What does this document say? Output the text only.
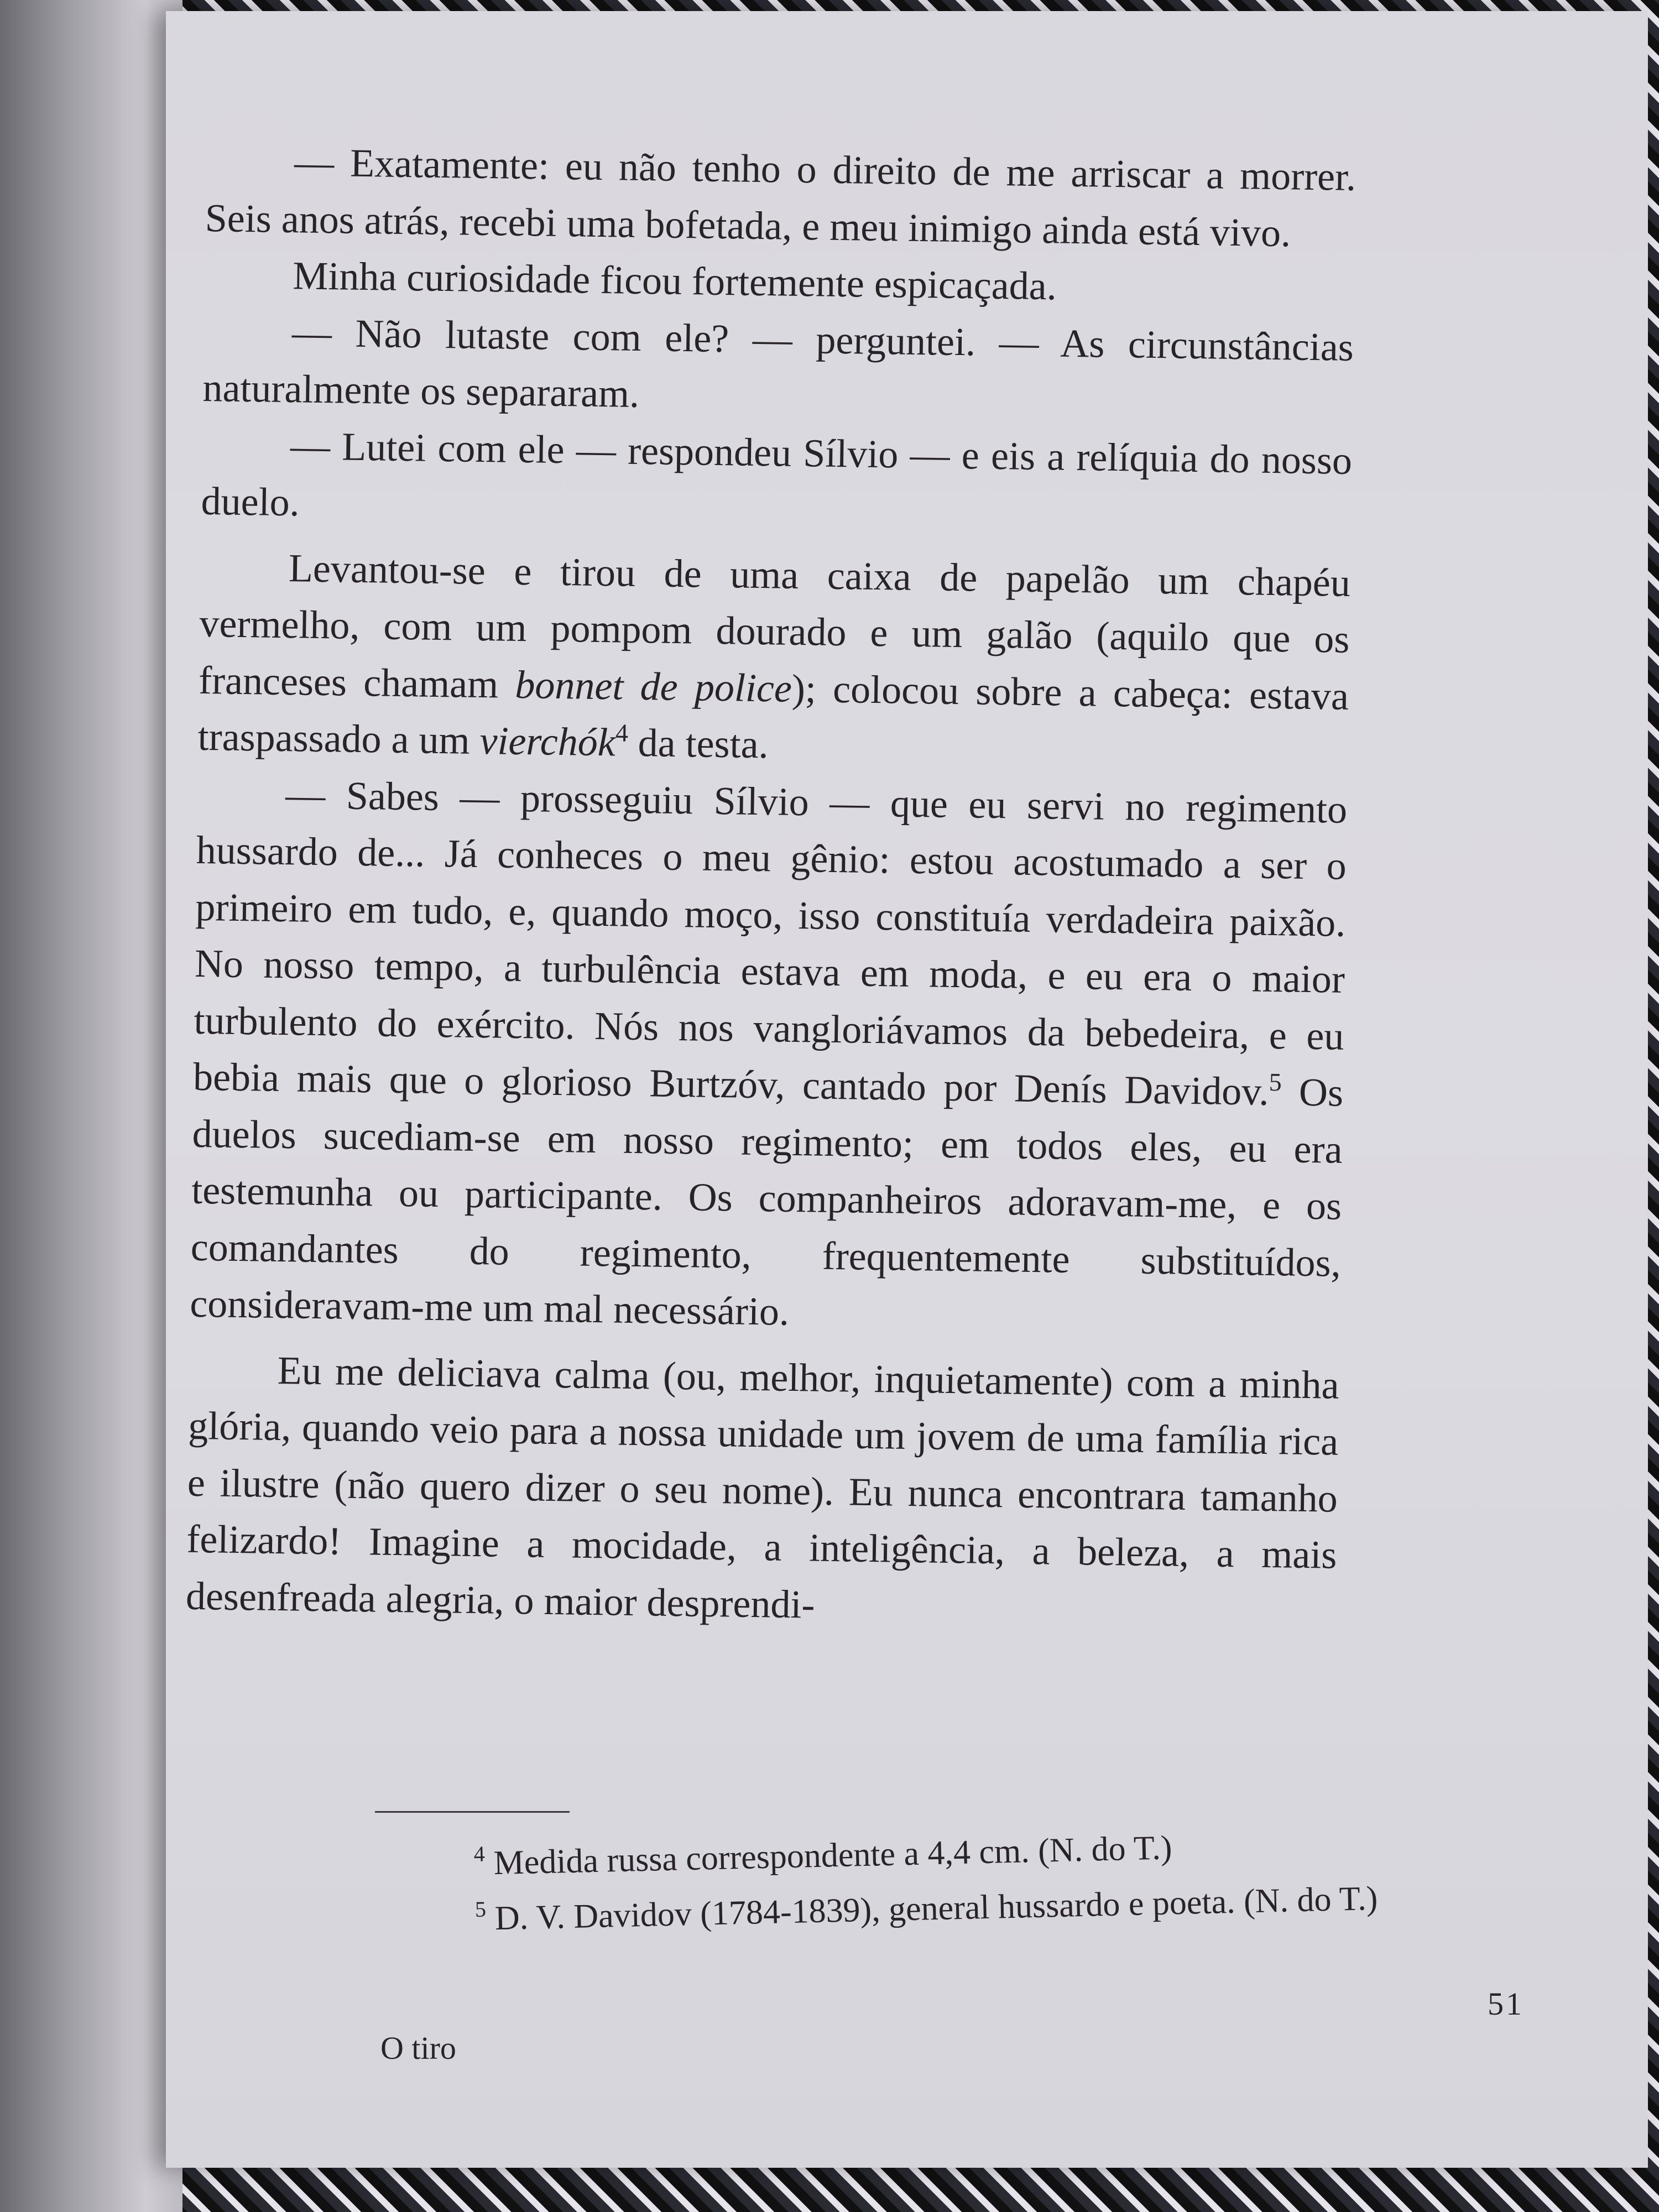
— Exatamente: eu não tenho o direito de me arriscar a morrer. Seis anos atrás, recebi uma bofetada, e meu inimigo ainda está vivo.

Minha curiosidade ficou fortemente espicaçada.

— Não lutaste com ele? — perguntei. — As circunstâncias naturalmente os separaram.

— Lutei com ele — respondeu Sílvio — e eis a relíquia do nosso duelo.

Levantou-se e tirou de uma caixa de papelão um chapéu vermelho, com um pompom dourado e um galão (aquilo que os franceses chamam bonnet de police); colocou sobre a cabeça: estava traspassado a um vierchók$^4$ da testa.

— Sabes — prosseguiu Sílvio — que eu servi no regimento hussardo de... Já conheces o meu gênio: estou acostumado a ser o primeiro em tudo, e, quando moço, isso constituía verdadeira paixão. No nosso tempo, a turbulência estava em moda, e eu era o maior turbulento do exército. Nós nos vangloriávamos da bebedeira, e eu bebia mais que o glorioso Burtzóv, cantado por Denís Davidov.$^5$ Os duelos sucediam-se em nosso regimento; em todos eles, eu era testemunha ou participante. Os companheiros adoravam-me, e os comandantes do regimento, frequentemente substituídos, consideravam-me um mal necessário.

Eu me deliciava calma (ou, melhor, inquietamente) com a minha glória, quando veio para a nossa unidade um jovem de uma família rica e ilustre (não quero dizer o seu nome). Eu nunca encontrara tamanho felizardo! Imagine a mocidade, a inteligência, a beleza, a mais desenfreada alegria, o maior desprendi-

$^4$ Medida russa correspondente a 4,4 cm. (N. do T.)

$^5$ D. V. Davidov (1784-1839), general hussardo e poeta. (N. do T.)

O tiro
51
